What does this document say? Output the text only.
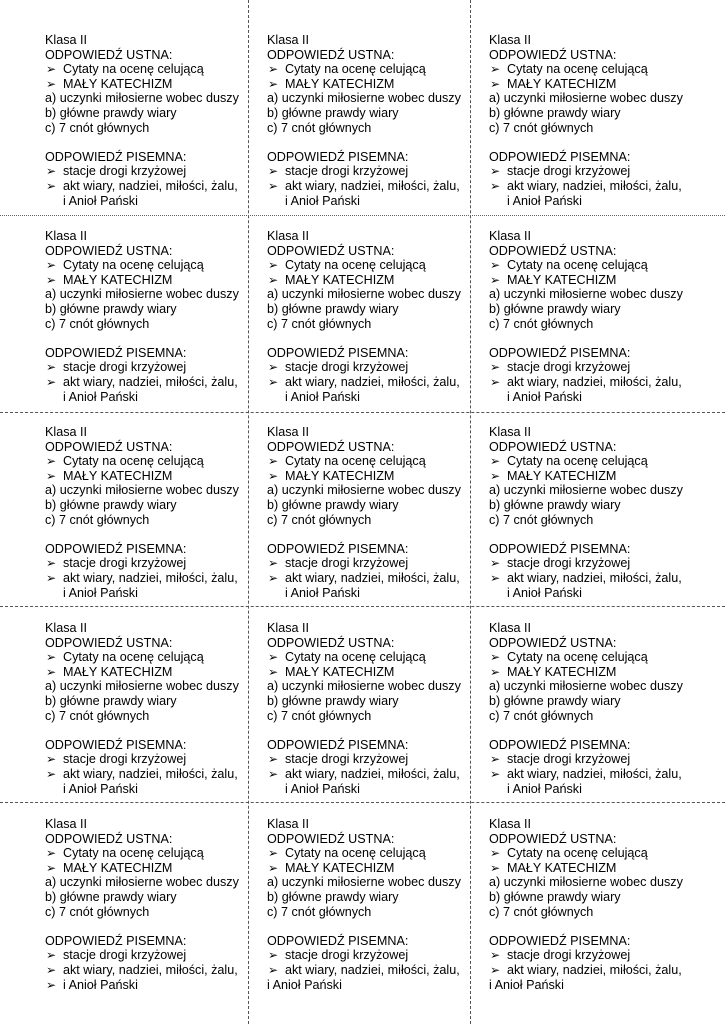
Klasa II
ODPOWIEDŹ USTNA:
➢ Cytaty na ocenę celującą
➢ MAŁY KATECHIZM
a) uczynki miłosierne wobec duszy
b) główne prawdy wiary
c) 7 cnót głównych
ODPOWIEDŹ PISEMNA:
➢ stacje drogi krzyżowej
➢ akt wiary, nadziei, miłości, żalu,
i Anioł Pański
Klasa II
ODPOWIEDŹ USTNA:
➢ Cytaty na ocenę celującą
➢ MAŁY KATECHIZM
a) uczynki miłosierne wobec duszy
b) główne prawdy wiary
c) 7 cnót głównych
ODPOWIEDŹ PISEMNA:
➢ stacje drogi krzyżowej
➢ akt wiary, nadziei, miłości, żalu,
i Anioł Pański
Klasa II
ODPOWIEDŹ USTNA:
➢ Cytaty na ocenę celującą
➢ MAŁY KATECHIZM
a) uczynki miłosierne wobec duszy
b) główne prawdy wiary
c) 7 cnót głównych
ODPOWIEDŹ PISEMNA:
➢ stacje drogi krzyżowej
➢ akt wiary, nadziei, miłości, żalu,
i Anioł Pański
Klasa II
ODPOWIEDŹ USTNA:
➢ Cytaty na ocenę celującą
➢ MAŁY KATECHIZM
a) uczynki miłosierne wobec duszy
b) główne prawdy wiary
c) 7 cnót głównych
ODPOWIEDŹ PISEMNA:
➢ stacje drogi krzyżowej
➢ akt wiary, nadziei, miłości, żalu,
i Anioł Pański
Klasa II
ODPOWIEDŹ USTNA:
➢ Cytaty na ocenę celującą
➢ MAŁY KATECHIZM
a) uczynki miłosierne wobec duszy
b) główne prawdy wiary
c) 7 cnót głównych
ODPOWIEDŹ PISEMNA:
➢ stacje drogi krzyżowej
➢ akt wiary, nadziei, miłości, żalu,
i Anioł Pański
Klasa II
ODPOWIEDŹ USTNA:
➢ Cytaty na ocenę celującą
➢ MAŁY KATECHIZM
a) uczynki miłosierne wobec duszy
b) główne prawdy wiary
c) 7 cnót głównych
ODPOWIEDŹ PISEMNA:
➢ stacje drogi krzyżowej
➢ akt wiary, nadziei, miłości, żalu,
i Anioł Pański
Klasa II
ODPOWIEDŹ USTNA:
➢ Cytaty na ocenę celującą
➢ MAŁY KATECHIZM
a) uczynki miłosierne wobec duszy
b) główne prawdy wiary
c) 7 cnót głównych
ODPOWIEDŹ PISEMNA:
➢ stacje drogi krzyżowej
➢ akt wiary, nadziei, miłości, żalu,
i Anioł Pański
Klasa II
ODPOWIEDŹ USTNA:
➢ Cytaty na ocenę celującą
➢ MAŁY KATECHIZM
a) uczynki miłosierne wobec duszy
b) główne prawdy wiary
c) 7 cnót głównych
ODPOWIEDŹ PISEMNA:
➢ stacje drogi krzyżowej
➢ akt wiary, nadziei, miłości, żalu,
i Anioł Pański
Klasa II
ODPOWIEDŹ USTNA:
➢ Cytaty na ocenę celującą
➢ MAŁY KATECHIZM
a) uczynki miłosierne wobec duszy
b) główne prawdy wiary
c) 7 cnót głównych
ODPOWIEDŹ PISEMNA:
➢ stacje drogi krzyżowej
➢ akt wiary, nadziei, miłości, żalu,
i Anioł Pański
Klasa II
ODPOWIEDŹ USTNA:
➢ Cytaty na ocenę celującą
➢ MAŁY KATECHIZM
a) uczynki miłosierne wobec duszy
b) główne prawdy wiary
c) 7 cnót głównych
ODPOWIEDŹ PISEMNA:
➢ stacje drogi krzyżowej
➢ akt wiary, nadziei, miłości, żalu,
i Anioł Pański
Klasa II
ODPOWIEDŹ USTNA:
➢ Cytaty na ocenę celującą
➢ MAŁY KATECHIZM
a) uczynki miłosierne wobec duszy
b) główne prawdy wiary
c) 7 cnót głównych
ODPOWIEDŹ PISEMNA:
➢ stacje drogi krzyżowej
➢ akt wiary, nadziei, miłości, żalu,
i Anioł Pański
Klasa II
ODPOWIEDŹ USTNA:
➢ Cytaty na ocenę celującą
➢ MAŁY KATECHIZM
a) uczynki miłosierne wobec duszy
b) główne prawdy wiary
c) 7 cnót głównych
ODPOWIEDŹ PISEMNA:
➢ stacje drogi krzyżowej
➢ akt wiary, nadziei, miłości, żalu,
i Anioł Pański
Klasa II
ODPOWIEDŹ USTNA:
➢ Cytaty na ocenę celującą
➢ MAŁY KATECHIZM
a) uczynki miłosierne wobec duszy
b) główne prawdy wiary
c) 7 cnót głównych
ODPOWIEDŹ PISEMNA:
➢ stacje drogi krzyżowej
➢ akt wiary, nadziei, miłości, żalu,
➢ i Anioł Pański
Klasa II
ODPOWIEDŹ USTNA:
➢ Cytaty na ocenę celującą
➢ MAŁY KATECHIZM
a) uczynki miłosierne wobec duszy
b) główne prawdy wiary
c) 7 cnót głównych
ODPOWIEDŹ PISEMNA:
➢ stacje drogi krzyżowej
➢ akt wiary, nadziei, miłości, żalu,
i Anioł Pański
Klasa II
ODPOWIEDŹ USTNA:
➢ Cytaty na ocenę celującą
➢ MAŁY KATECHIZM
a) uczynki miłosierne wobec duszy
b) główne prawdy wiary
c) 7 cnót głównych
ODPOWIEDŹ PISEMNA:
➢ stacje drogi krzyżowej
➢ akt wiary, nadziei, miłości, żalu,
i Anioł Pański
